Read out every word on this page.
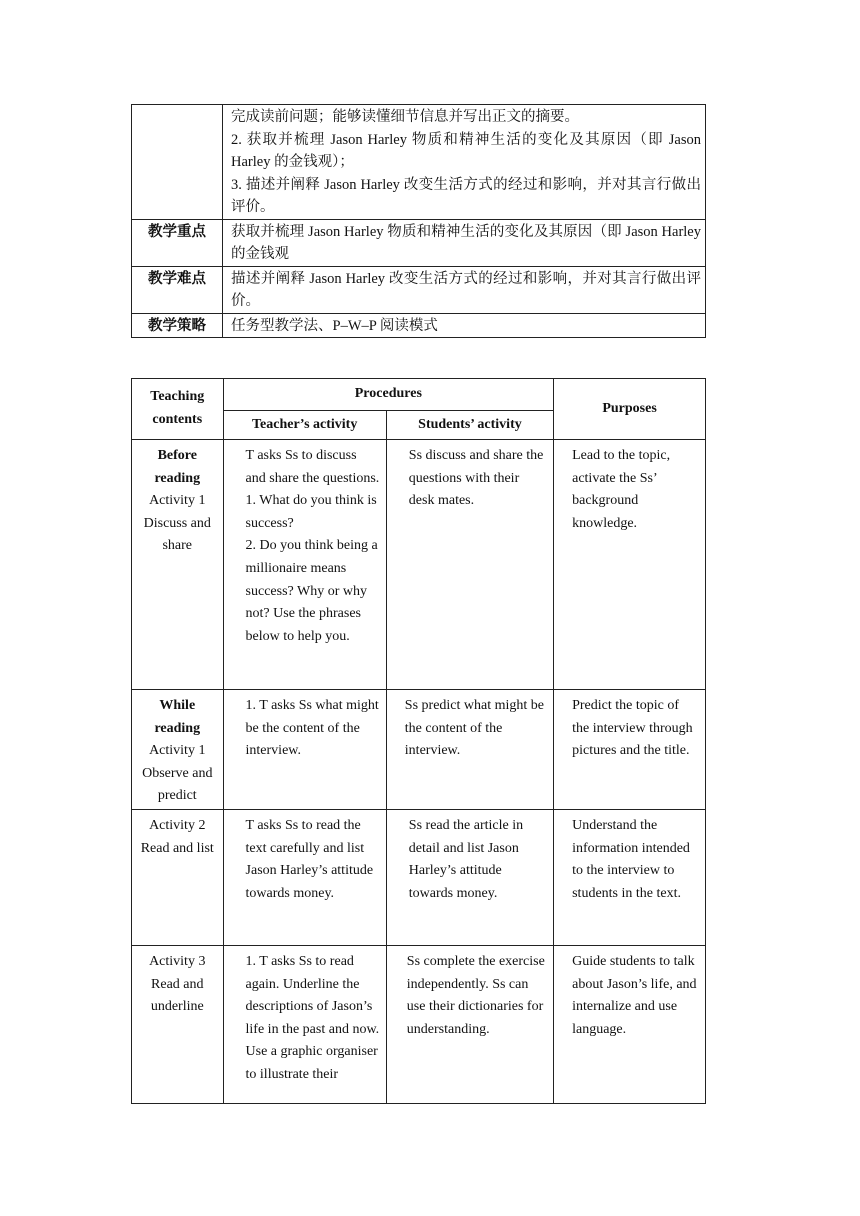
	完成读前问题；能够读懂细节信息并写出正文的摘要。
2. 获取并梳理 Jason Harley 物质和精神生活的变化及其原因（即 Jason Harley 的金钱观）；
3. 描述并阐释 Jason Harley 改变生活方式的经过和影响，并对其言行做出评价。

教学重点	获取并梳理 Jason Harley 物质和精神生活的变化及其原因（即 Jason Harley 的金钱观

教学难点	描述并阐释 Jason Harley 改变生活方式的经过和影响，并对其言行做出评价。

教学策略	任务型教学法、P–W–P 阅读模式
Teaching contents	Procedures		Purposes
	Teacher’s activity	Students’ activity	

Before reading
Activity 1 Discuss and share	T asks Ss to discuss and share the questions.
1. What do you think is success?
2. Do you think being a millionaire means success? Why or why not? Use the phrases below to help you.	Ss discuss and share the questions with their desk mates.	Lead to the topic, activate the Ss’ background knowledge.

While reading
Activity 1 Observe and predict	1. T asks Ss what might be the content of the interview.	Ss predict what might be the content of the interview.	Predict the topic of the interview through pictures and the title.

Activity 2 Read and list	T asks Ss to read the text carefully and list Jason Harley’s attitude towards money.	Ss read the article in detail and list Jason Harley’s attitude towards money.	Understand the information intended to the interview to students in the text.

Activity 3 Read and underline	1. T asks Ss to read again. Underline the descriptions of Jason’s life in the past and now. Use a graphic organiser to illustrate their	Ss complete the exercise independently. Ss can use their dictionaries for understanding.	Guide students to talk about Jason’s life, and internalize and use language.
